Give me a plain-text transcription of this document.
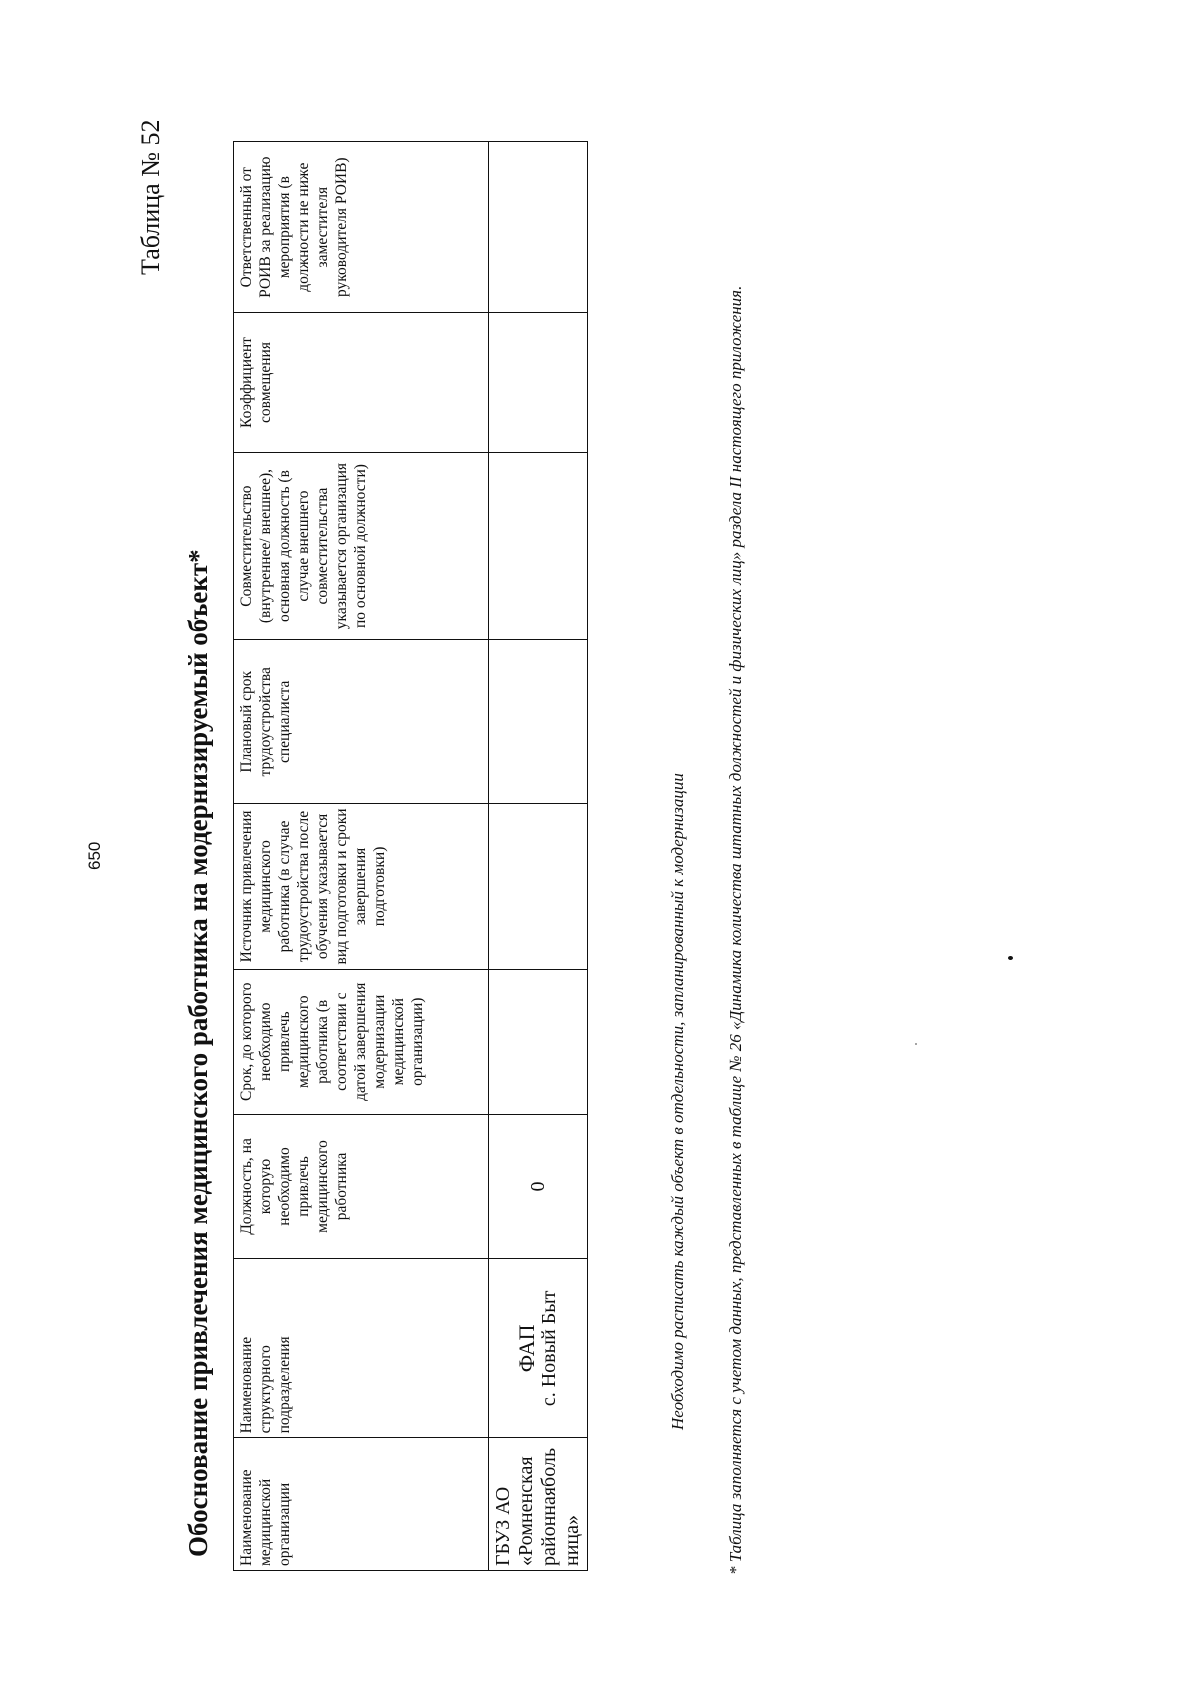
650
Таблица № 52
Обоснование привлечения медицинского работника на модернизируемый объект* Наименование медицинской организации	Наименование структурного подразделения	Должность, на которую необходимо привлечь медицинского работника	Срок, до которого необходимо привлечь медицинского работника (в соответствии с датой завершения модернизации медицинской организации)	Источник привлечения медицинского работника (в случае трудоустройства после обучения указывается вид подготовки и сроки завершения подготовки)	Плановый срок трудоустройства специалиста	Совместительство (внутреннее/ внешнее), основная должность (в случае внешнего совместительства указывается организация по основной должности)	Коэффициент совмещения	Ответственный от РОИВ за реализацию мероприятия (в должности не ниже заместителя руководителя РОИВ)
ГБУЗ АО «Ромненская районнаяболь ница»	ФАП с. Новый Быт	0							Необходимо расписать каждый объект в отдельности, запланированный к модернизации * Таблица заполняется с учетом данных, представленных в таблице № 26 «Динамика количества штатных должностей и физических лиц» раздела II настоящего приложения.
